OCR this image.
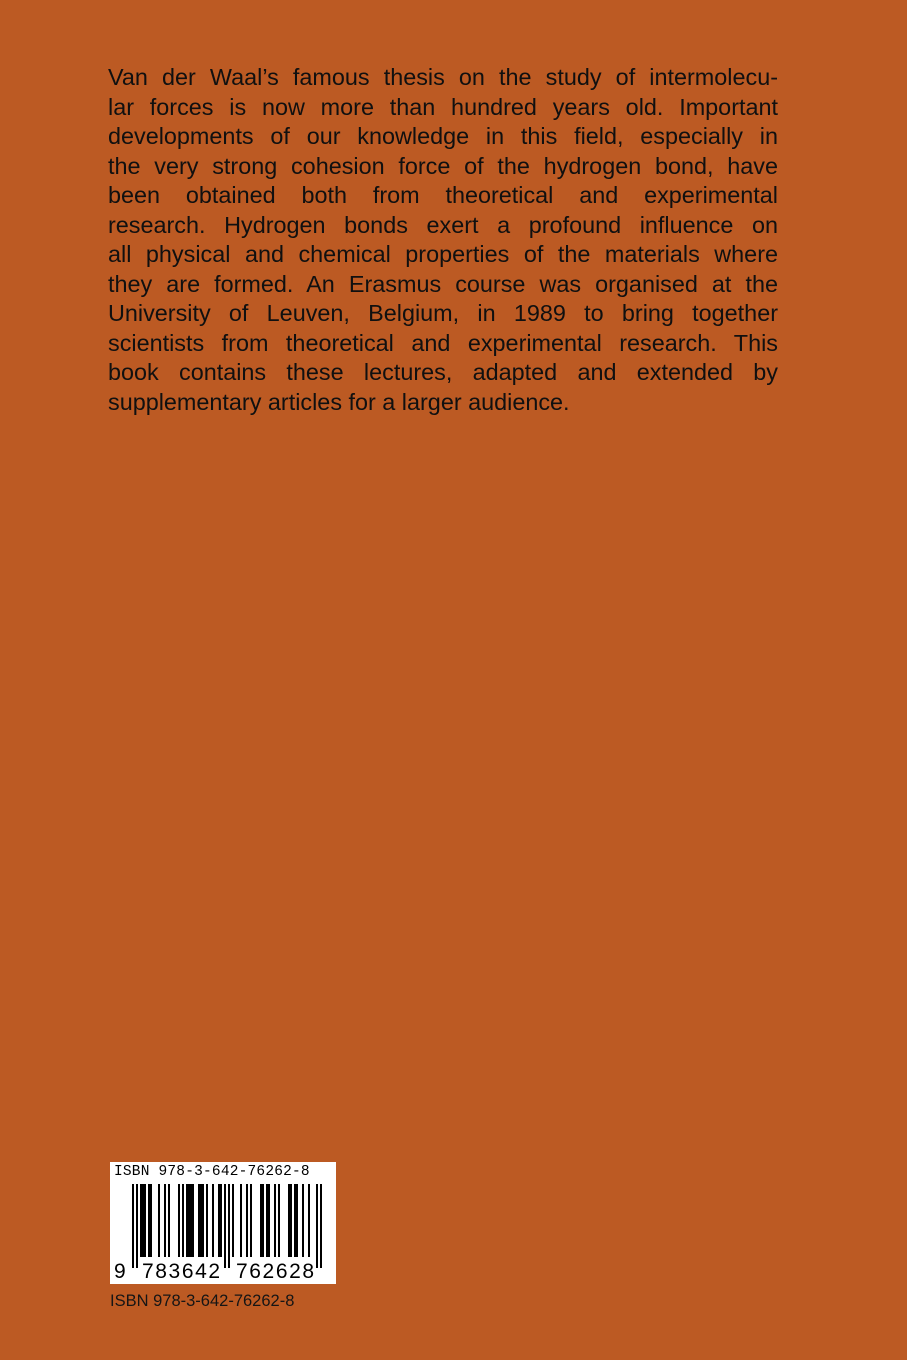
Van der Waal’s famous thesis on the study of intermolecu-
lar forces is now more than hundred years old. Important
developments of our knowledge in this field, especially in
the very strong cohesion force of the hydrogen bond, have
been obtained both from theoretical and experimental
research. Hydrogen bonds exert a profound influence on
all physical and chemical properties of the materials where
they are formed. An Erasmus course was organised at the
University of Leuven, Belgium, in 1989 to bring together
scientists from theoretical and experimental research. This
book contains these lectures, adapted and extended by
supplementary articles for a larger audience.
ISBN 978-3-642-76262-8
9 783642 762628
ISBN 978-3-642-76262-8
